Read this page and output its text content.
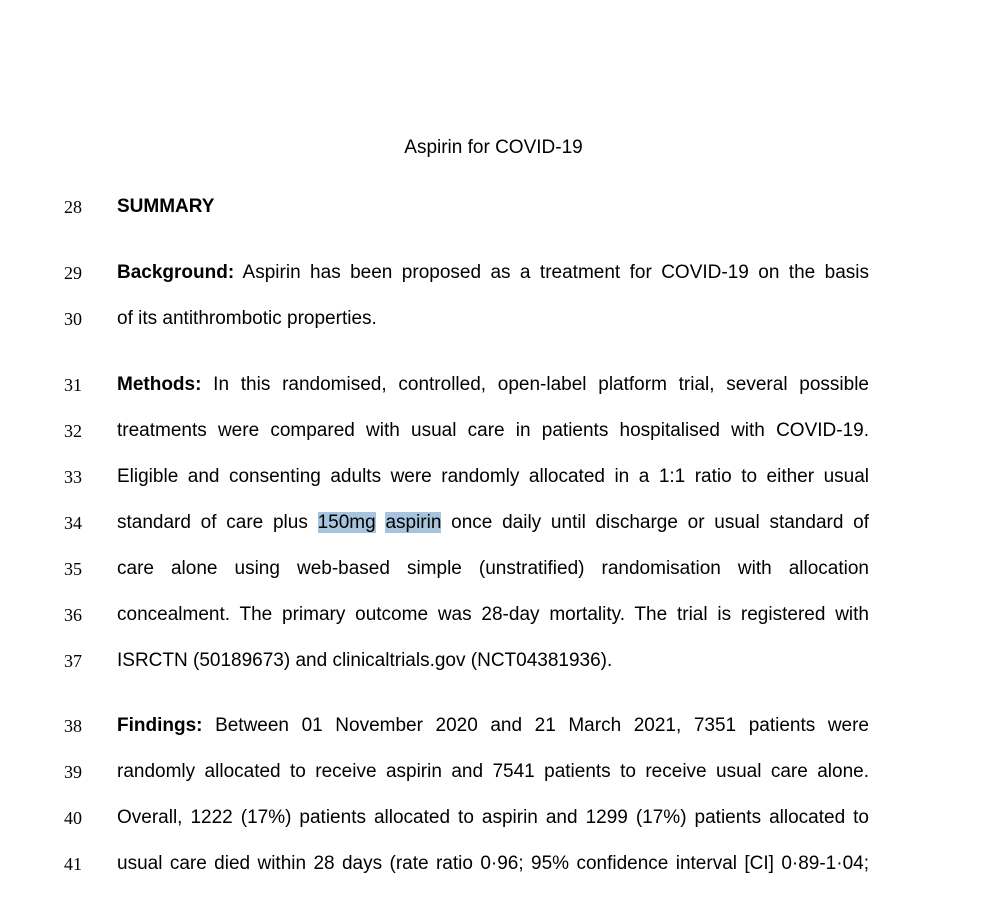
Aspirin for COVID-19
28	SUMMARY
29	Background: Aspirin has been proposed as a treatment for COVID-19 on the basis
30	of its antithrombotic properties.
31	Methods: In this randomised, controlled, open-label platform trial, several possible
32	treatments were compared with usual care in patients hospitalised with COVID-19.
33	Eligible and consenting adults were randomly allocated in a 1:1 ratio to either usual
34	standard of care plus 150mg aspirin once daily until discharge or usual standard of
35	care alone using web-based simple (unstratified) randomisation with allocation
36	concealment. The primary outcome was 28-day mortality. The trial is registered with
37	ISRCTN (50189673) and clinicaltrials.gov (NCT04381936).
38	Findings: Between 01 November 2020 and 21 March 2021, 7351 patients were
39	randomly allocated to receive aspirin and 7541 patients to receive usual care alone.
40	Overall, 1222 (17%) patients allocated to aspirin and 1299 (17%) patients allocated to
41	usual care died within 28 days (rate ratio 0·96; 95% confidence interval [CI] 0·89-1·04;
